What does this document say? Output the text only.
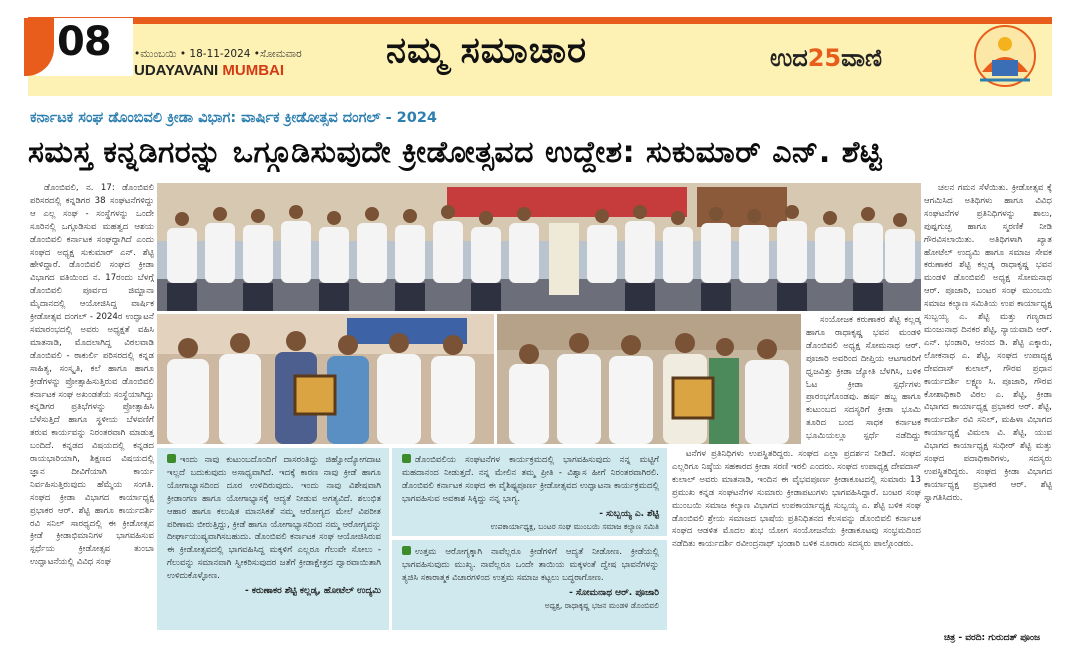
08 •ಮುಂಬಯಿ • 18-11-2024 •ಸೋಮವಾರ
UDAYAVANI MUMBAI	ನಮ್ಮ ಸಮಾಚಾರ	ಉದ25ವಾಣಿ
ಕರ್ನಾಟಕ ಸಂಘ ಡೊಂಬಿವಲಿ ಕ್ರೀಡಾ ವಿಭಾಗ: ವಾರ್ಷಿಕ ಕ್ರೀಡೋತ್ಸವ ದಂಗಲ್ - 2024
ಸಮಸ್ತ ಕನ್ನಡಿಗರನ್ನು ಒಗ್ಗೂಡಿಸುವುದೇ ಕ್ರೀಡೋತ್ಸವದ ಉದ್ದೇಶ: ಸುಕುಮಾರ್ ಎನ್. ಶೆಟ್ಟಿ

ಡೊಂಬಿವಲಿ, ನ. 17: ಡೊಂಬಿವಲಿ ಪರಿಸರದಲ್ಲಿ ಕನ್ನಡಿಗರ 38 ಸಂಘಟನೆಗಳಿದ್ದು ಆ ಎಲ್ಲ ಸಂಘ - ಸಂಸ್ಥೆಗಳನ್ನು ಒಂದೇ ಸೂರಿನಲ್ಲಿ ಒಗ್ಗೂಡಿಸುವ ಮಹತ್ವದ ಆಶಯ ಡೊಂಬಿವಲಿ ಕರ್ನಾಟಕ ಸಂಘದ್ದಾಗಿದೆ ಎಂದು ಸಂಘದ ಅಧ್ಯಕ್ಷ ಸುಕುಮಾರ್ ಎನ್. ಶೆಟ್ಟಿ ಹೇಳಿದ್ದಾರೆ. ಡೊಂಬಿವಲಿ ಸಂಘದ ಕ್ರೀಡಾ ವಿಭಾಗದ ವತಿಯಿಂದ ನ. 17ರಂದು ಬೆಳಗ್ಗೆ ಡೊಂಬಿವಲಿ ಪೂರ್ವದ ಜಿಮ್ಖಾನಾ ಮೈದಾನದಲ್ಲಿ ಆಯೋಜಿಸಿದ್ದ ವಾರ್ಷಿಕ ಕ್ರೀಡೋತ್ಸವ ದಂಗಲ್ - 2024ರ ಉದ್ಘಾಟನೆ ಸಮಾರಂಭದಲ್ಲಿ ಅವರು ಅಧ್ಯಕ್ಷತೆ ವಹಿಸಿ ಮಾತನಾಡಿ, ಮೊದಲಾಗಿದ್ದ ವಿಠಲವಾಡಿ ಡೊಂಬಿವಲಿ - ಠಾಕುರ್ಲಿ ಪರಿಸರದಲ್ಲಿ ಕನ್ನಡ ಸಾಹಿತ್ಯ, ಸಂಸ್ಕೃತಿ, ಕಲೆ ಹಾಗೂ ಹಾಗೂ ಕ್ರೀಡೆಗಳನ್ನು ಪ್ರೋತ್ಸಾಹಿಸುತ್ತಿರುವ ಡೊಂಬಿವಲಿ ಕರ್ನಾಟಕ ಸಂಘ ಅಖಂಡತೆಯ ಸಂಸ್ಥೆಯಾಗಿದ್ದು ಕನ್ನಡಿಗರ ಪ್ರತಿಭೆಗಳನ್ನು ಪ್ರೋತ್ಸಾಹಿಸಿ ಬೆಳೆಸುತ್ತಿದೆ ಹಾಗೂ ಸ್ಥಳೀಯ ಬೆಳವಣಿಗೆ ತರುವ ಕಾರ್ಯವನ್ನು ನಿರಂತರವಾಗಿ ಮಾಡುತ್ತ ಬಂದಿದೆ. ಕನ್ನಡದ ವಿಷಯದಲ್ಲಿ ಕನ್ನಡದ ರಾಯಭಾರಿಯಾಗಿ, ಶಿಕ್ಷಣದ ವಿಷಯದಲ್ಲಿ ಜ್ಞಾನ ದೀವಿಗೆಯಾಗಿ ಕಾರ್ಯ ನಿರ್ವಹಿಸುತ್ತಿರುವುದು ಹೆಮ್ಮೆಯ ಸಂಗತಿ. ಸಂಘದ ಕ್ರೀಡಾ ವಿಭಾಗದ ಕಾರ್ಯಾಧ್ಯಕ್ಷ ಪ್ರಭಾಕರ ಆರ್. ಶೆಟ್ಟಿ ಹಾಗೂ ಕಾರ್ಯದರ್ಶಿ ರವಿ ಸನಿಲ್ ಸಾರಥ್ಯದಲ್ಲಿ ಈ ಕ್ರೀಡೋತ್ಸವ ಕ್ರೀಡೆ ಕ್ರೀಡಾಭಿಮಾನಿಗಳ ಭಾಗವಹಿಸುವ ಸ್ಪರ್ಧೆಯ ಕ್ರೀಡೋತ್ಸವ ತುಂಬಾ ಉದ್ಘಾಟನೆಯಲ್ಲಿ ವಿವಿಧ ಸಂಘ

ಸಂಯೋಜಕ ಕರುಣಾಕರ ಶೆಟ್ಟಿ ಕಲ್ಲಡ್ಕ ಹಾಗೂ ರಾಧಾಕೃಷ್ಣ ಭವನ ಮಂಡಳಿ ಡೊಂಬಿವಲಿ ಅಧ್ಯಕ್ಷ ಸೋಮನಾಥ ಆರ್. ಪೂಜಾರಿ ಅವರಿಂದ ದೀಪ್ತಿಯ ಆಟಗಾರರಿಗೆ ಧ್ವಜವಿತ್ತು ಕ್ರೀಡಾ ಜ್ಯೋತಿ ಬೆಳಗಿಸಿ, ಬಳಿಕ ಓಟ ಕ್ರೀಡಾ ಸ್ಪರ್ಧೆಗಳು ಪ್ರಾರಂಭಗೊಂಡವು. ಹರ್ಷ ಹಬ್ಬ ಹಾಗೂ ಕುಟುಂಬದ ಸದಸ್ಯರಿಗೆ ಕ್ರೀಡಾ ಭೂಮಿ ತೂರಿದ ಬಂದ ಸಾಧಕ ಕರ್ನಾಟಕ ಭೂಮಿಯಲ್ಲೂ ಸ್ಪರ್ಧೆ ನಡೆದಿದ್ದು

ಚಲನ ಗಮನ ಸೆಳೆಯಿತು. ಕ್ರೀಡೋತ್ಸವ ಕ್ಕೆ ಆಗಮಿಸಿದ ಅತಿಥಿಗಳು ಹಾಗೂ ವಿವಿಧ ಸಂಘಟನೆಗಳ ಪ್ರತಿನಿಧಿಗಳನ್ನು ಶಾಲು, ಪುಷ್ಪಗುಚ್ಛ ಹಾಗೂ ಸ್ಮರಣಿಕೆ ನೀಡಿ ಗೌರವಿಸಲಾಯಿತು. ಅತಿಥಿಗಳಾಗಿ ಖ್ಯಾತ ಹೋಟೆಲ್ ಉದ್ಯಮಿ ಹಾಗೂ ಸಮಾಜ ಸೇವಕ ಕರುಣಾಕರ ಶೆಟ್ಟಿ ಕಲ್ಲಡ್ಕ ರಾಧಾಕೃಷ್ಣ ಭವನ ಮಂಡಳಿ ಡೊಂಬಿವಲಿ ಅಧ್ಯಕ್ಷ ಸೋಮನಾಥ ಆರ್. ಪೂಜಾರಿ, ಬಂಟರ ಸಂಘ ಮುಂಬಯಿ ಸಮಾಜ ಕಲ್ಯಾಣ ಸಮಿತಿಯ ಉಪ ಕಾರ್ಯಾಧ್ಯಕ್ಷ ಸುಬ್ಬಯ್ಯ ಎ. ಶೆಟ್ಟಿ ಮತ್ತು ಗಣ್ಯರಾದ ಮಂಜುನಾಥ ದಿನಕರ ಶೆಟ್ಟಿ, ನ್ಯಾಯವಾದಿ ಆರ್. ಎನ್. ಭಂಡಾರಿ, ಆನಂದ ಡಿ. ಶೆಟ್ಟಿ ಎಕ್ಕಾರು, ಲೋಕನಾಥ ಎ. ಶೆಟ್ಟಿ, ಸಂಘದ ಉಪಾಧ್ಯಕ್ಷ ದೇವದಾಸ್ ಕುಲಾಲ್, ಗೌರವ ಪ್ರಧಾನ ಕಾರ್ಯದರ್ಶಿ ಲಕ್ಷ್ಮಣ ಸಿ. ಪೂಜಾರಿ, ಗೌರವ ಕೋಶಾಧಿಕಾರಿ ವಿಠಲ ಎ. ಶೆಟ್ಟಿ, ಕ್ರೀಡಾ ವಿಭಾಗದ ಕಾರ್ಯಾಧ್ಯಕ್ಷ ಪ್ರಭಾಕರ ಆರ್. ಶೆಟ್ಟಿ, ಕಾರ್ಯದರ್ಶಿ ರವಿ ಸನಿಲ್, ಮಹಿಳಾ ವಿಭಾಗದ ಕಾರ್ಯಾಧ್ಯಕ್ಷೆ ವಿಮಲಾ ವಿ. ಶೆಟ್ಟಿ, ಯುವ ವಿಭಾಗದ ಕಾರ್ಯಾಧ್ಯಕ್ಷ ಸುಧೀರ್ ಶೆಟ್ಟಿ ಮತ್ತು ಸಂಘದ ಪದಾಧಿಕಾರಿಗಳು, ಸದಸ್ಯರು ಉಪಸ್ಥಿತರಿದ್ದರು. ಸಂಘದ ಕ್ರೀಡಾ ವಿಭಾಗದ ಕಾರ್ಯಾಧ್ಯಕ್ಷ ಪ್ರಭಾಕರ ಆರ್. ಶೆಟ್ಟಿ ಸ್ವಾಗತಿಸಿದರು.

ಇಂದು ನಾವು ಕುಟುಂಬದೊಂದಿಗೆ ದಾಸರಂತಿದ್ದು ಜಿಹ್ವೋದ್ಯೋಗದಾಟ ಇಲ್ಲದೆ ಬದುಕುವುದು ಅಸಾಧ್ಯವಾಗಿದೆ. ಇದಕ್ಕೆ ಕಾರಣ ನಾವು ಕ್ರೀಡೆ ಹಾಗೂ ಯೋಗಾಭ್ಯಾಸದಿಂದ ದೂರ ಉಳಿದಿರುವುದು. ಇಂದು ನಾವು ವಿಶೇಷವಾಗಿ ಕ್ರೀಡಾಂಗಣ ಹಾಗೂ ಯೋಗಾಭ್ಯಾಸಕ್ಕೆ ಆದ್ಯತೆ ನೀಡುವ ಅಗತ್ಯವಿದೆ. ಶಲುಭಿತ ಆಹಾರ ಹಾಗೂ ಕಲುಷಿತ ಮಾನಸಿಕತೆ ನಮ್ಮ ಆರೋಗ್ಯದ ಮೇಲೆ ವಿಪರೀತ ಪರಿಣಾಮ ಬೀರುತ್ತಿದ್ದು, ಕ್ರೀಡೆ ಹಾಗೂ ಯೋಗಾಭ್ಯಾಸದಿಂದ ನಮ್ಮ ಆರೋಗ್ಯವನ್ನು ದೀರ್ಘಾಯುಷ್ಯವಾಗಿಸಬಹುದು. ಡೊಂಬಿವಲಿ ಕರ್ನಾಟಕ ಸಂಘ ಆಯೋಜಿಸಿರುವ ಈ ಕ್ರೀಡೋತ್ಸವದಲ್ಲಿ ಭಾಗವಹಿಸಿದ್ದ ಮಕ್ಕಳಿಗೆ ಎಲ್ಲರೂ ಗೆಲುವೇ ಸೋಲು - ಗೆಲುವನ್ನು ಸಮಾನವಾಗಿ ಸ್ವೀಕರಿಸುವುದರ ಜತೆಗೆ ಕ್ರೀಡಾಕ್ಷೇತ್ರದ ದ್ವಾರವಾಯಿತಾಗಿ ಉಳಿದುಕೊಳ್ಳೋಣ.
- ಕರುಣಾಕರ ಶೆಟ್ಟಿ ಕಲ್ಲಡ್ಕ, ಹೋಟೆಲ್ ಉದ್ಯಮಿ
ಡೊಂಬಿವಲಿಯ ಸಂಘಟನೆಗಳ ಕಾರ್ಯಕ್ರಮದಲ್ಲಿ ಭಾಗವಹಿಸುವುದು ನನ್ನ ಮಟ್ಟಿಗೆ ಮಹದಾನಂದ ನೀಡುತ್ತದೆ. ನನ್ನ ಮೇಲಿನ ತಮ್ಮ ಪ್ರೀತಿ - ವಿಶ್ವಾಸ ಹೀಗೆ ನಿರಂತರವಾಗಿರಲಿ. ಡೊಂಬಿವಲಿ ಕರ್ನಾಟಕ ಸಂಘದ ಈ ವೈಶಿಷ್ಟ್ಯಪೂರ್ಣ ಕ್ರೀಡೋತ್ಸವದ ಉದ್ಘಾಟನಾ ಕಾರ್ಯಕ್ರಮದಲ್ಲಿ ಭಾಗವಹಿಸುವ ಅವಕಾಶ ಸಿಕ್ಕಿದ್ದು ನನ್ನ ಭಾಗ್ಯ.
- ಸುಬ್ಬಯ್ಯ ಎ. ಶೆಟ್ಟಿ
ಉಪಕಾರ್ಯಾಧ್ಯಕ್ಷ, ಬಂಟರ ಸಂಘ ಮುಂಬಯಿ ಸಮಾಜ ಕಲ್ಯಾಣ ಸಮಿತಿ
ಉತ್ತಮ ಆರೋಗ್ಯಕ್ಕಾಗಿ ನಾವೆಲ್ಲರೂ ಕ್ರೀಡೆಗಳಿಗೆ ಆದ್ಯತೆ ನೀಡೋಣ. ಕ್ರೀಡೆಯಲ್ಲಿ ಭಾಗವಹಿಸುವುದು ಮುಖ್ಯ. ನಾವೆಲ್ಲರೂ ಒಂದೇ ತಾಯಿಯ ಮಕ್ಕಳಂತೆ ದ್ವೇಷ ಭಾವನೆಗಳನ್ನು ತ್ಯಜಿಸಿ ಸಕಾರಾತ್ಮಕ ವಿಚಾರಗಳಿಂದ ಉತ್ತಮ ಸಮಾಜ ಕಟ್ಟಲು ಬದ್ಧರಾಗೋಣ.
- ಸೋಮನಾಥ ಆರ್. ಪೂಜಾರಿ
ಅಧ್ಯಕ್ಷ, ರಾಧಾಕೃಷ್ಣ ಭಜನ ಮಂಡಳಿ ಡೊಂಬಿವಲಿ

ಟನೆಗಳ ಪ್ರತಿನಿಧಿಗಳು ಉಪಸ್ಥಿತರಿದ್ದರು. ಸಂಘದ ಎಲ್ಲಾ ಪ್ರದರ್ಶನ ನೀಡಿದೆ. ಸಂಘದ ಎಲ್ಲರಿಗೂ ನಿಷ್ಠೆಯ ಸಹಕಾರದ ಕ್ರೀಡಾ ಸರಣಿ ಇರಲಿ ಎಂದರು. ಸಂಘದ ಉಪಾಧ್ಯಕ್ಷ ದೇವದಾಸ್ ಕುಲಾಲ್ ಅವರು ಮಾತನಾಡಿ, ಇಂದಿನ ಈ ವೈಭವಪೂರ್ಣ ಕ್ರೀಡಾಕೂಟದಲ್ಲಿ ಸುಮಾರು 13 ಪ್ರಮುಖ ಕನ್ನಡ ಸಂಘಟನೆಗಳ ಸುಮಾರು ಕ್ರೀಡಾಪಟುಗಳು ಭಾಗವಹಿಸಿದ್ದಾರೆ. ಬಂಟರ ಸಂಘ ಮುಂಬಯಿ ಸಮಾಜ ಕಲ್ಯಾಣ ವಿಭಾಗದ ಉಪಕಾರ್ಯಾಧ್ಯಕ್ಷ ಸುಬ್ಬಯ್ಯ ಎ. ಶೆಟ್ಟಿ ಬಳಿಕ ಸಂಘ ಡೊಂಬಿವಲಿ ಶ್ರೇಯ ಸಮಾಜದ ಭಾಷೆಯ ಪ್ರತಿನಿಧಿತನದ ಕೆಲಸವನ್ನು ಡೊಂಬಿವಲಿ ಕರ್ನಾಟಕ ಸಂಘದ ಆಡಳಿತ ಮೊದಲ ಶುಭ ಯೋಗ ಸಂಯೋಜನೆಯ ಕ್ರೀಡಾಕೂಟವು ಸಂಭ್ರಮದಿಂದ ನಡೆದಿತು ಕಾರ್ಯದರ್ಶಿ ರವೀಂದ್ರನಾಥ್ ಭಂಡಾರಿ ಬಳಿಕ ನೂರಾರು ಸದಸ್ಯರು ಪಾಲ್ಗೊಂಡರು.

ಚಿತ್ರ - ವರದಿ: ಗುರುದತ್ ಪೂಂಜ
